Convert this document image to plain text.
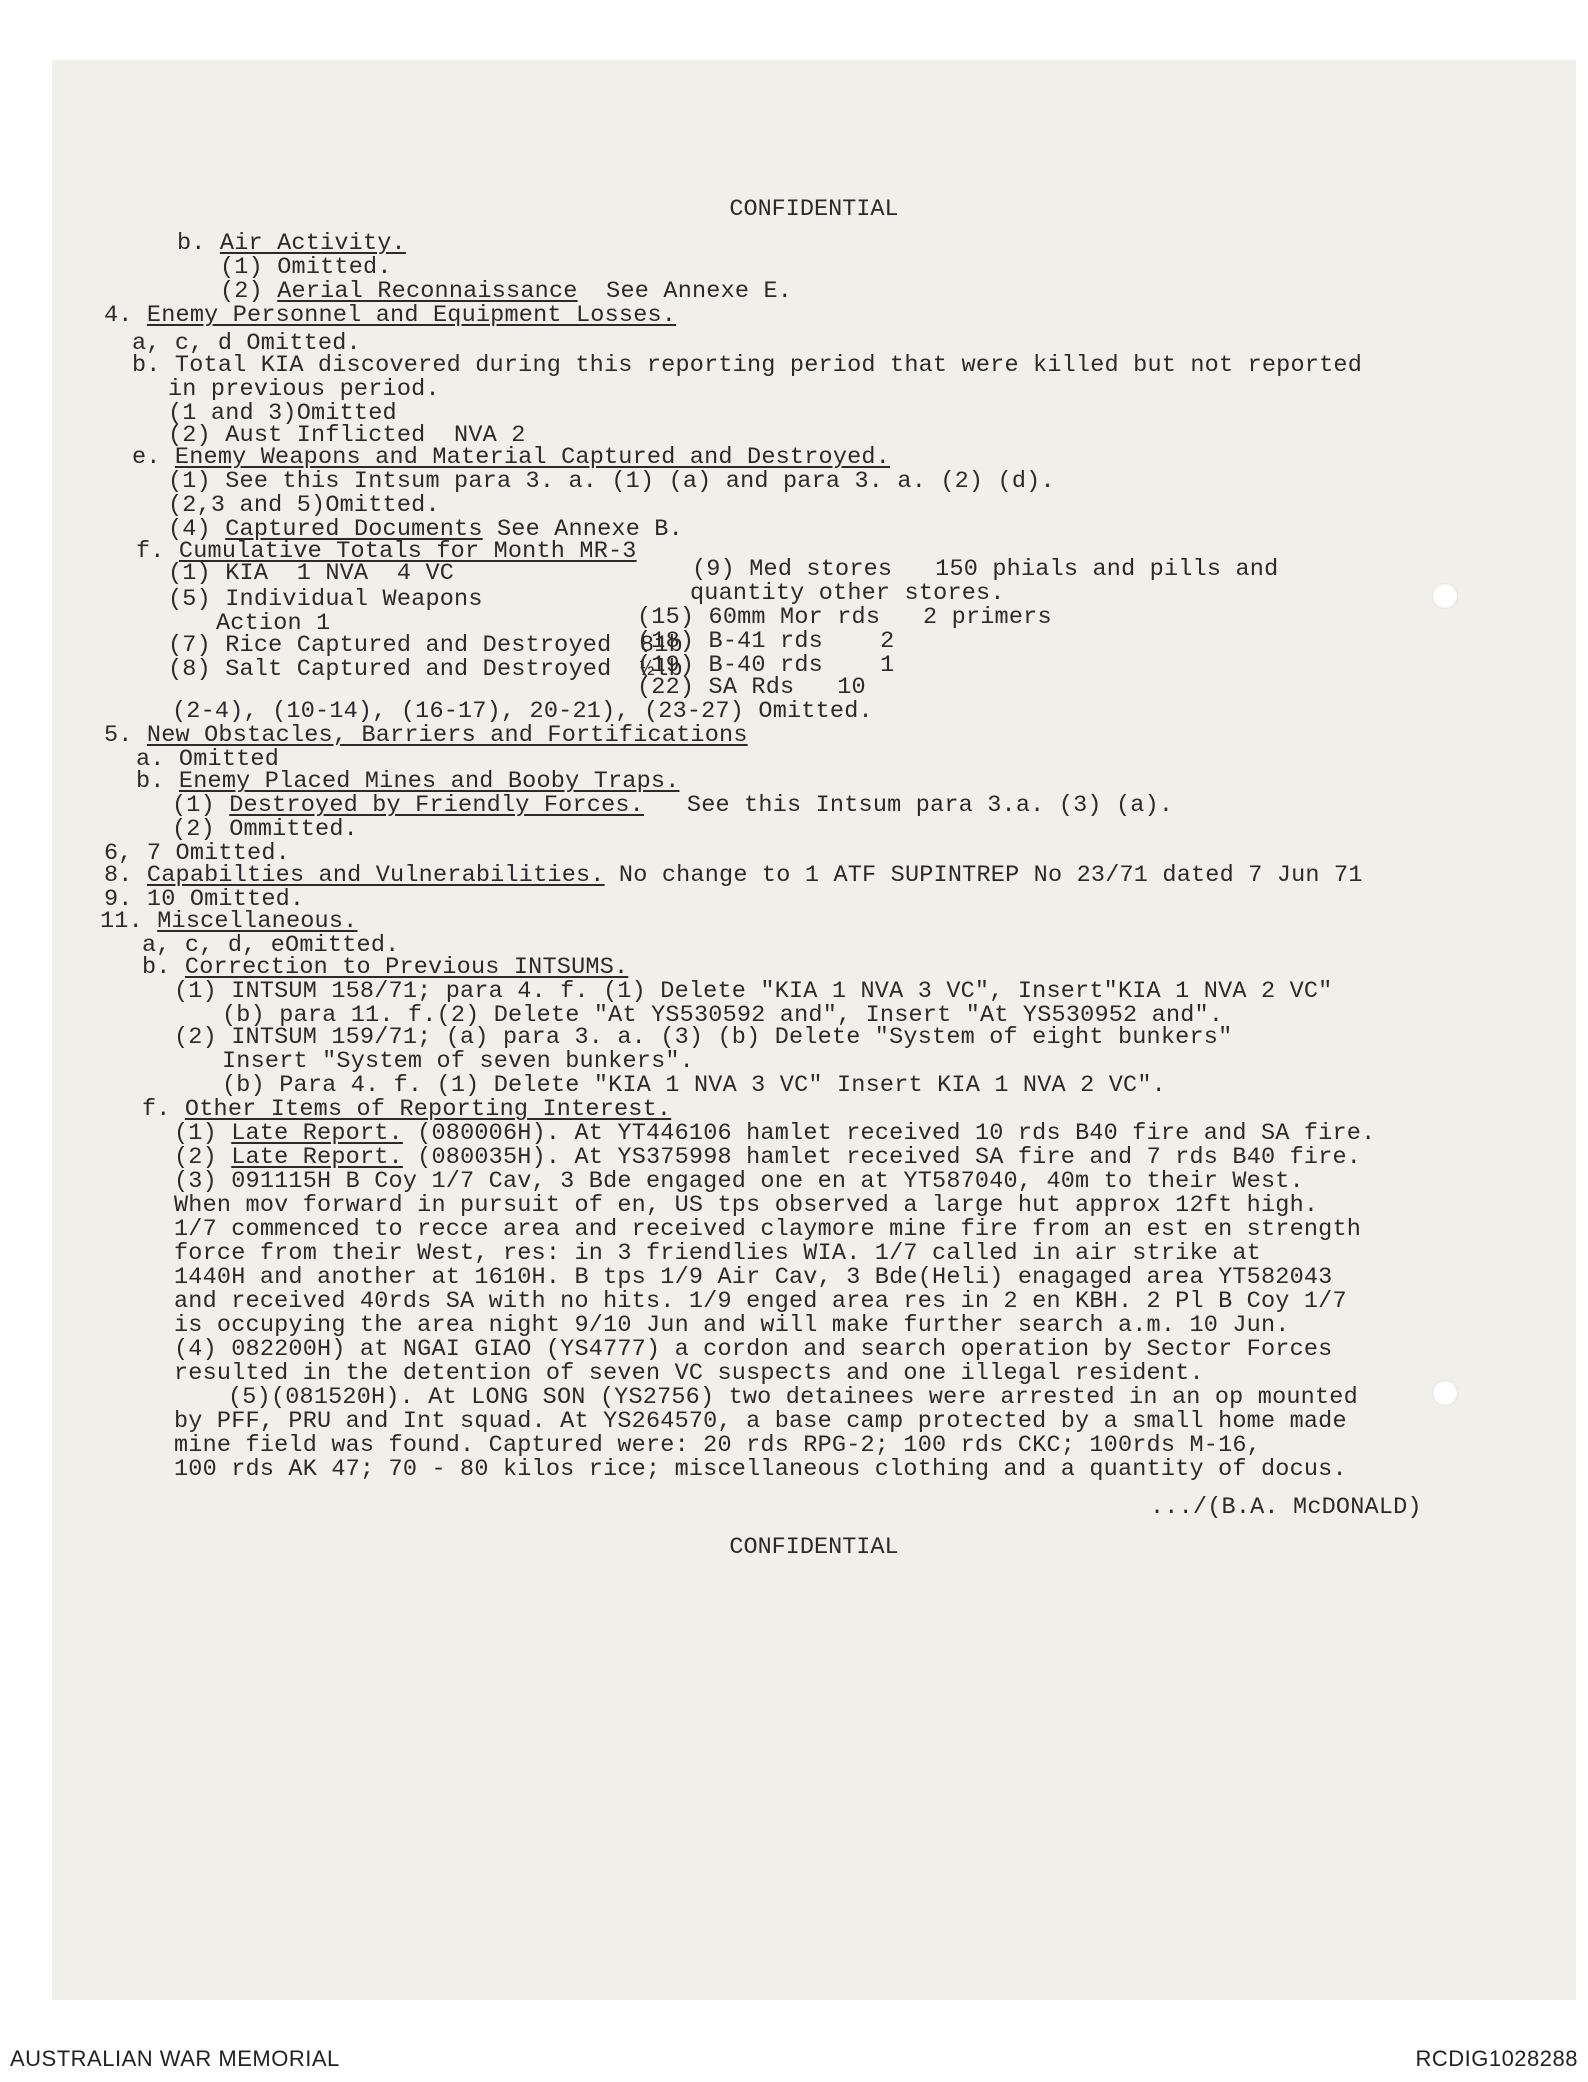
CONFIDENTIAL
b. Air Activity.
(1) Omitted.
(2) Aerial Reconnaissance  See Annexe E.
4. Enemy Personnel and Equipment Losses.
a, c, d Omitted.
b. Total KIA discovered during this reporting period that were killed but not reported
in previous period.
(1 and 3)Omitted
(2) Aust Inflicted  NVA 2
e. Enemy Weapons and Material Captured and Destroyed.
(1) See this Intsum para 3. a. (1) (a) and para 3. a. (2) (d).
(2,3 and 5)Omitted.
(4) Captured Documents See Annexe B.
f. Cumulative Totals for Month MR-3
(1) KIA  1 NVA  4 VC
(5) Individual Weapons
Action 1
(7) Rice Captured and Destroyed  81b
(8) Salt Captured and Destroyed  ½lb
(9) Med stores   150 phials and pills and
quantity other stores.
(15) 60mm Mor rds   2 primers
(18) B-41 rds    2
(19) B-40 rds    1
(22) SA Rds   10
(2-4), (10-14), (16-17), 20-21), (23-27) Omitted.
5. New Obstacles, Barriers and Fortifications
a. Omitted
b. Enemy Placed Mines and Booby Traps.
(1) Destroyed by Friendly Forces.   See this Intsum para 3.a. (3) (a).
(2) Ommitted.
6, 7 Omitted.
8. Capabilties and Vulnerabilities. No change to 1 ATF SUPINTREP No 23/71 dated 7 Jun 71
9. 10 Omitted.
11. Miscellaneous.
a, c, d, eOmitted.
b. Correction to Previous INTSUMS.
(1) INTSUM 158/71; para 4. f. (1) Delete "KIA 1 NVA 3 VC", Insert"KIA 1 NVA 2 VC"
(b) para 11. f.(2) Delete "At YS530592 and", Insert "At YS530952 and".
(2) INTSUM 159/71; (a) para 3. a. (3) (b) Delete "System of eight bunkers"
Insert "System of seven bunkers".
(b) Para 4. f. (1) Delete "KIA 1 NVA 3 VC" Insert KIA 1 NVA 2 VC".
f. Other Items of Reporting Interest.
(1) Late Report. (080006H). At YT446106 hamlet received 10 rds B40 fire and SA fire.
(2) Late Report. (080035H). At YS375998 hamlet received SA fire and 7 rds B40 fire.
(3) 091115H B Coy 1/7 Cav, 3 Bde engaged one en at YT587040, 40m to their West.
When mov forward in pursuit of en, US tps observed a large hut approx 12ft high.
1/7 commenced to recce area and received claymore mine fire from an est en strength
force from their West, res: in 3 friendlies WIA. 1/7 called in air strike at
1440H and another at 1610H. B tps 1/9 Air Cav, 3 Bde(Heli) enagaged area YT582043
and received 40rds SA with no hits. 1/9 enged area res in 2 en KBH. 2 Pl B Coy 1/7
is occupying the area night 9/10 Jun and will make further search a.m. 10 Jun.
(4) 082200H) at NGAI GIAO (YS4777) a cordon and search operation by Sector Forces
resulted in the detention of seven VC suspects and one illegal resident.
(5)(081520H). At LONG SON (YS2756) two detainees were arrested in an op mounted
by PFF, PRU and Int squad. At YS264570, a base camp protected by a small home made
mine field was found. Captured were: 20 rds RPG-2; 100 rds CKC; 100rds M-16,
100 rds AK 47; 70 - 80 kilos rice; miscellaneous clothing and a quantity of docus.
.../(B.A. McDONALD)
CONFIDENTIAL
AUSTRALIAN WAR MEMORIAL	RCDIG1028288
